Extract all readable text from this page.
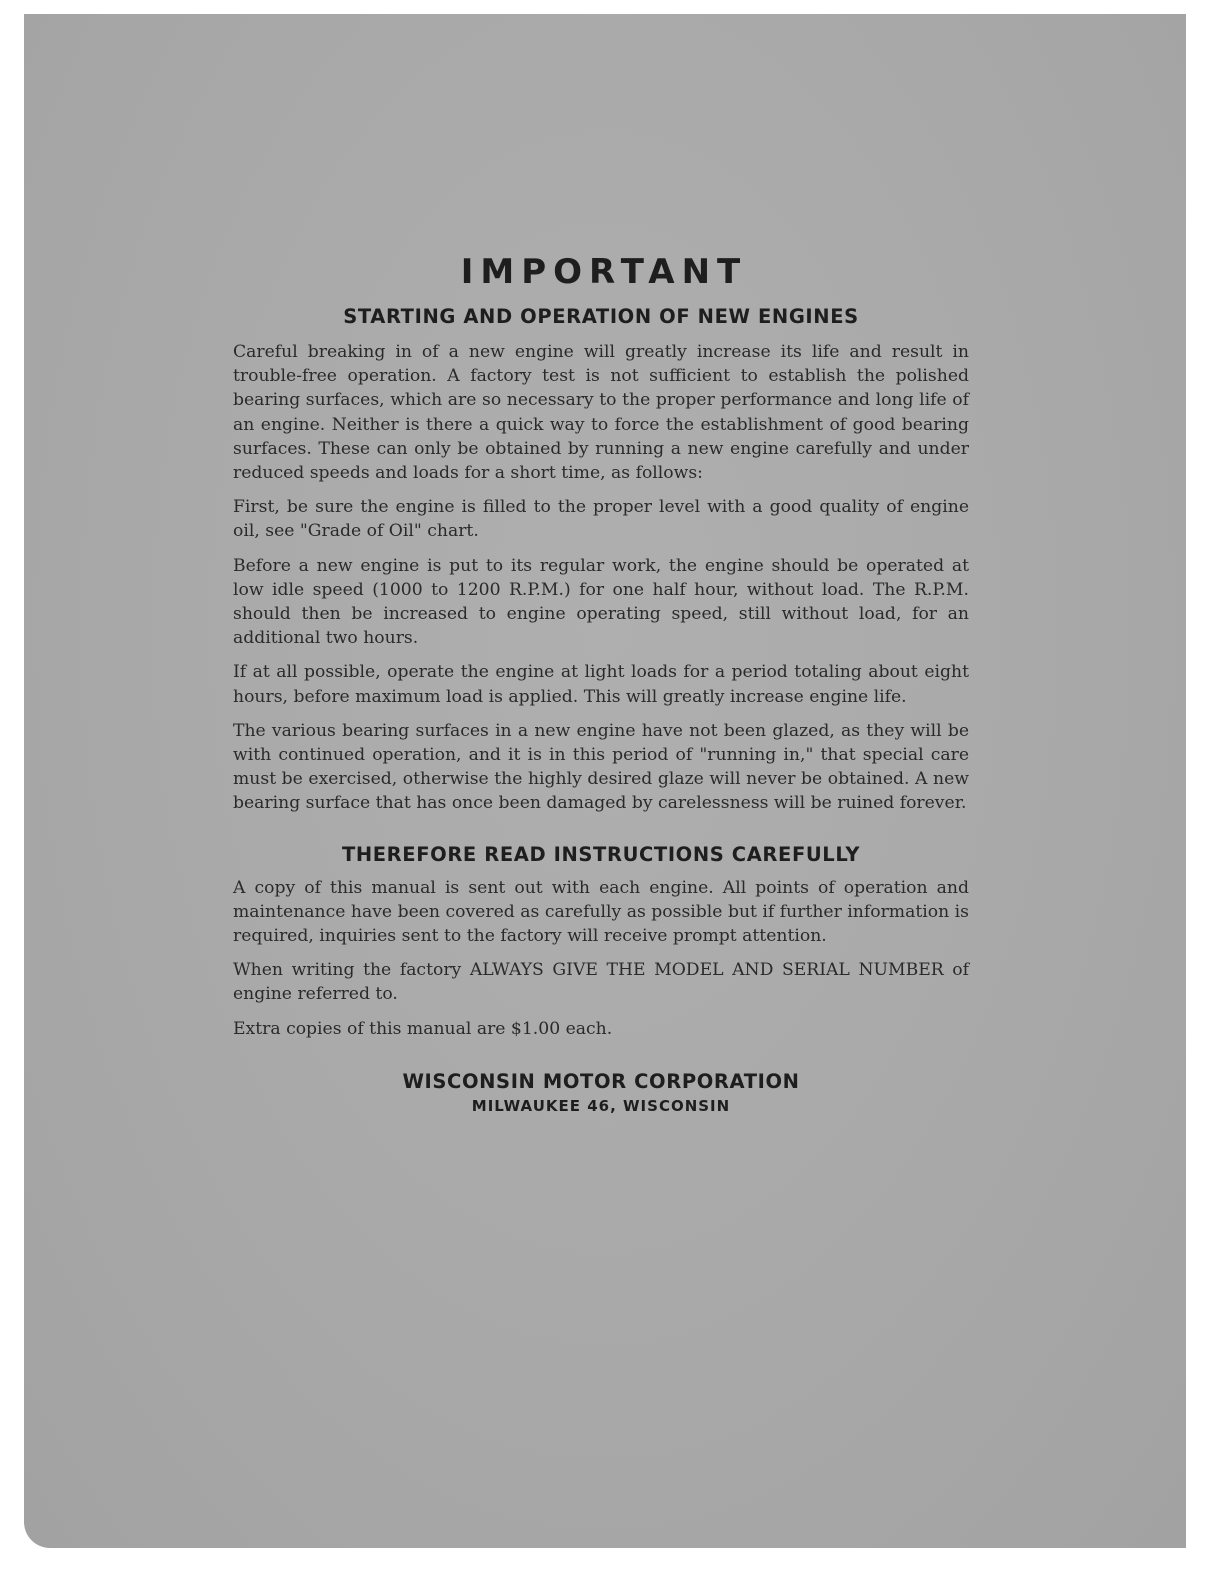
IMPORTANT
STARTING AND OPERATION OF NEW ENGINES

Careful breaking in of a new engine will greatly increase its life and result in trouble-free operation. A factory test is not sufficient to establish the polished bearing surfaces, which are so necessary to the proper performance and long life of an engine. Neither is there a quick way to force the establishment of good bearing surfaces. These can only be obtained by running a new engine carefully and under reduced speeds and loads for a short time, as follows:

First, be sure the engine is filled to the proper level with a good quality of engine oil, see "Grade of Oil" chart.

Before a new engine is put to its regular work, the engine should be operated at low idle speed (1000 to 1200 R.P.M.) for one half hour, without load. The R.P.M. should then be increased to engine operating speed, still without load, for an additional two hours.

If at all possible, operate the engine at light loads for a period totaling about eight hours, before maximum load is applied. This will greatly increase engine life.

The various bearing surfaces in a new engine have not been glazed, as they will be with continued operation, and it is in this period of "running in," that special care must be exercised, otherwise the highly desired glaze will never be obtained. A new bearing surface that has once been damaged by carelessness will be ruined forever.

THEREFORE READ INSTRUCTIONS CAREFULLY

A copy of this manual is sent out with each engine. All points of operation and maintenance have been covered as carefully as possible but if further information is required, inquiries sent to the factory will receive prompt attention.

When writing the factory ALWAYS GIVE THE MODEL AND SERIAL NUMBER of engine referred to.

Extra copies of this manual are $1.00 each.

WISCONSIN MOTOR CORPORATION
MILWAUKEE 46, WISCONSIN
